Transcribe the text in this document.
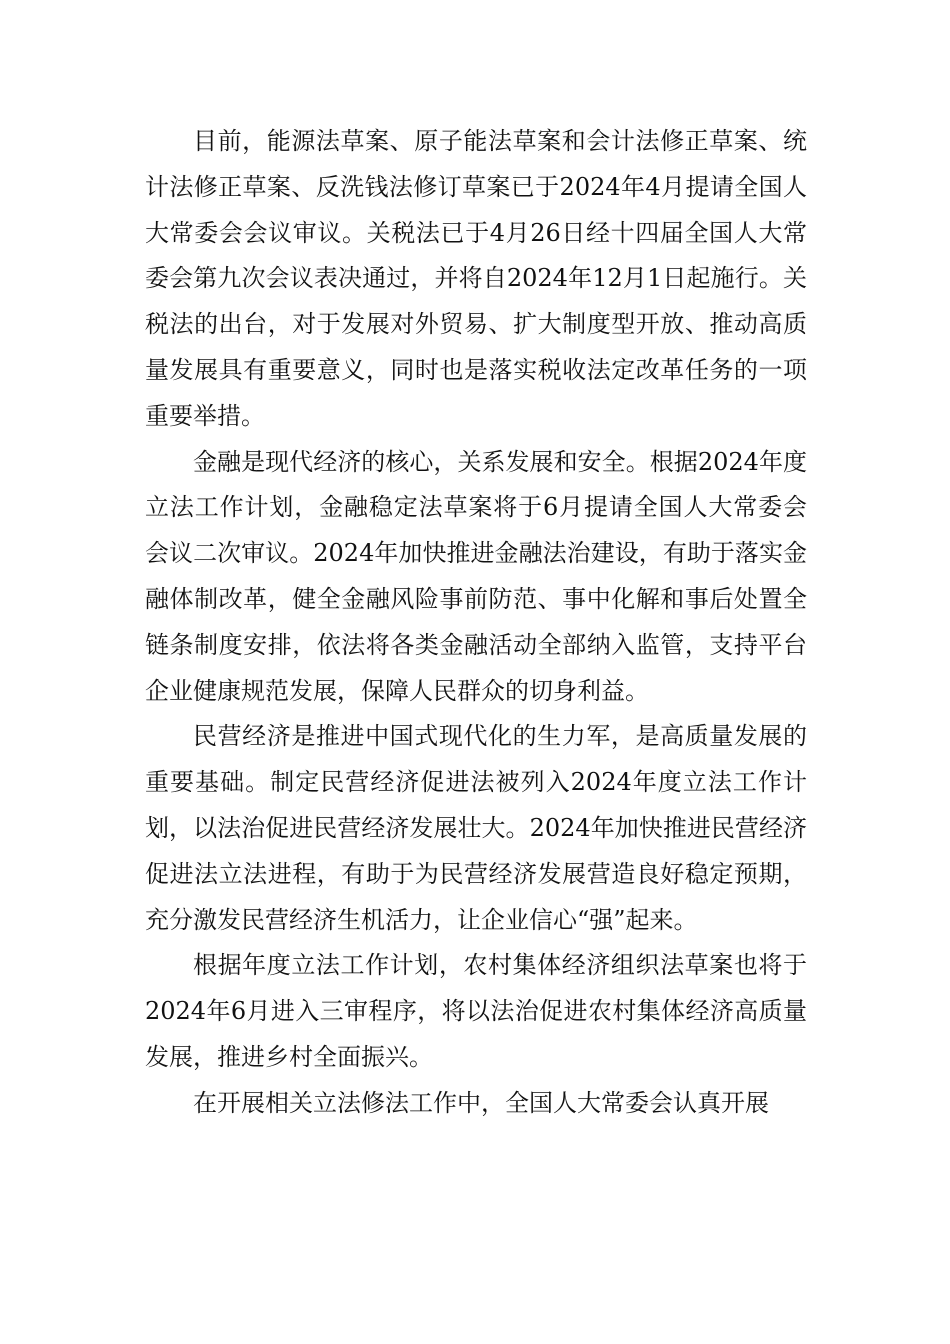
目前，能源法草案、原子能法草案和会计法修正草案、统计法修正草案、反洗钱法修订草案已于2024年4月提请全国人大常委会会议审议。关税法已于4月26日经十四届全国人大常委会第九次会议表决通过，并将自2024年12月1日起施行。关税法的出台，对于发展对外贸易、扩大制度型开放、推动高质量发展具有重要意义，同时也是落实税收法定改革任务的一项重要举措。

金融是现代经济的核心，关系发展和安全。根据2024年度立法工作计划，金融稳定法草案将于6月提请全国人大常委会会议二次审议。2024年加快推进金融法治建设，有助于落实金融体制改革，健全金融风险事前防范、事中化解和事后处置全链条制度安排，依法将各类金融活动全部纳入监管，支持平台企业健康规范发展，保障人民群众的切身利益。

民营经济是推进中国式现代化的生力军，是高质量发展的重要基础。制定民营经济促进法被列入2024年度立法工作计划，以法治促进民营经济发展壮大。2024年加快推进民营经济促进法立法进程，有助于为民营经济发展营造良好稳定预期，充分激发民营经济生机活力，让企业信心“强”起来。

根据年度立法工作计划，农村集体经济组织法草案也将于2024年6月进入三审程序，将以法治促进农村集体经济高质量发展，推进乡村全面振兴。

在开展相关立法修法工作中，全国人大常委会认真开展
